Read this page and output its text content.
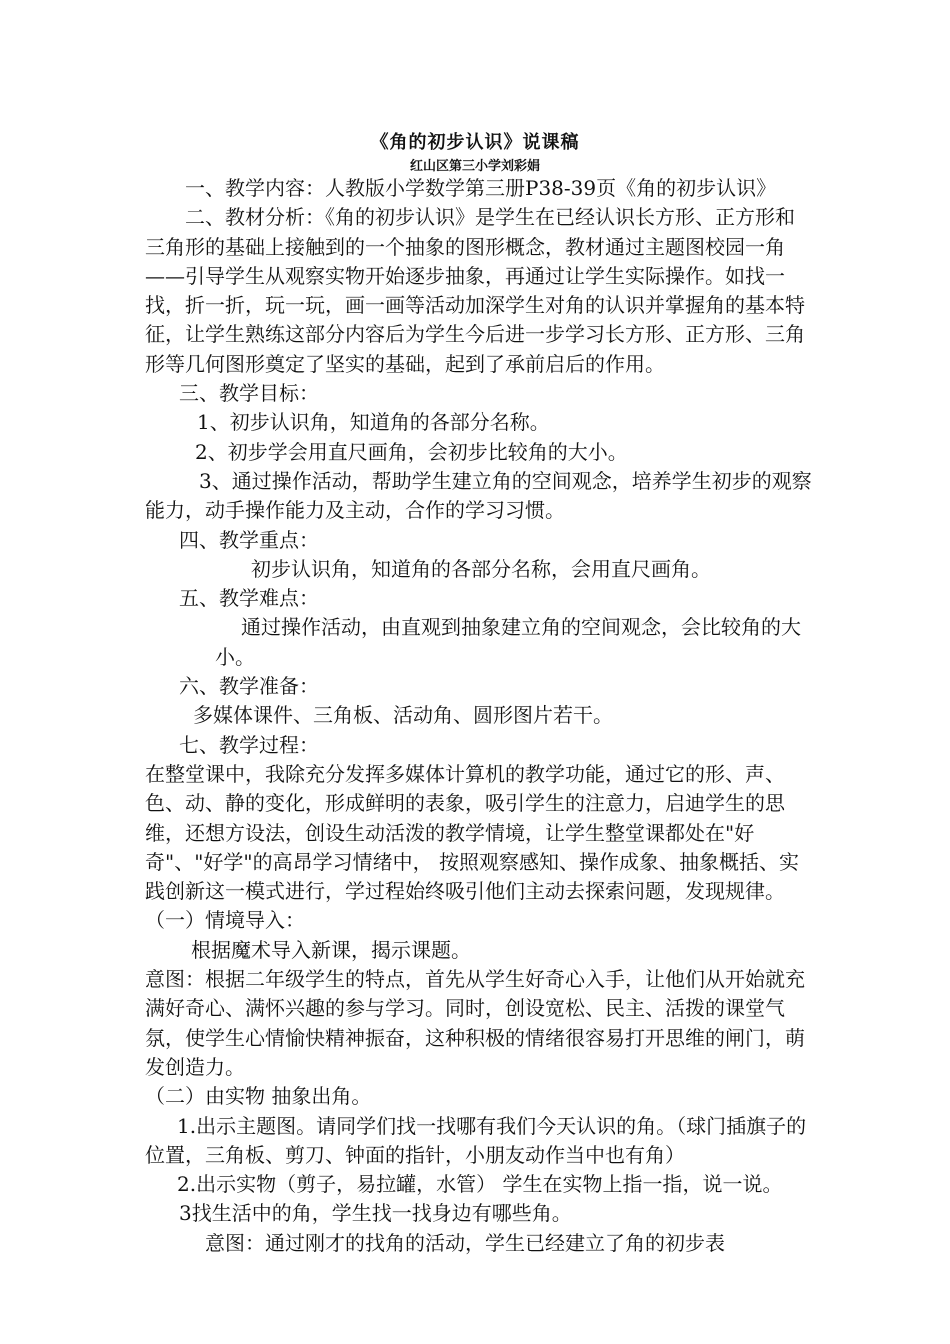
《角的初步认识》说课稿
红山区第三小学刘彩娟

一、教学内容：人教版小学数学第三册P38-39页《角的初步认识》

二、教材分析：《角的初步认识》是学生在已经认识长方形、正方形和三角形的基础上接触到的一个抽象的图形概念，教材通过主题图校园一角——引导学生从观察实物开始逐步抽象，再通过让学生实际操作。如找一找，折一折，玩一玩，画一画等活动加深学生对角的认识并掌握角的基本特征，让学生熟练这部分内容后为学生今后进一步学习长方形、正方形、三角形等几何图形奠定了坚实的基础，起到了承前启后的作用。

三、教学目标：

1、初步认识角，知道角的各部分名称。

2、初步学会用直尺画角，会初步比较角的大小。

3、通过操作活动，帮助学生建立角的空间观念，培养学生初步的观察能力，动手操作能力及主动，合作的学习习惯。

四、教学重点：

初步认识角，知道角的各部分名称，会用直尺画角。

五、教学难点：

通过操作活动，由直观到抽象建立角的空间观念，会比较角的大小。

六、教学准备：

多媒体课件、三角板、活动角、圆形图片若干。

七、教学过程：

在整堂课中，我除充分发挥多媒体计算机的教学功能，通过它的形、声、色、动、静的变化，形成鲜明的表象，吸引学生的注意力，启迪学生的思维，还想方设法，创设生动活泼的教学情境，让学生整堂课都处在"好奇"、"好学"的高昂学习情绪中， 按照观察感知、操作成象、抽象概括、实践创新这一模式进行，学过程始终吸引他们主动去探索问题，发现规律。

（一）情境导入：

根据魔术导入新课，揭示课题。

意图：根据二年级学生的特点，首先从学生好奇心入手，让他们从开始就充满好奇心、满怀兴趣的参与学习。同时，创设宽松、民主、活拨的课堂气氛，使学生心情愉快精神振奋，这种积极的情绪很容易打开思维的闸门，萌发创造力。

（二）由实物 抽象出角。

1.出示主题图。请同学们找一找哪有我们今天认识的角。（球门插旗子的位置，三角板、剪刀、钟面的指针，小朋友动作当中也有角）

2.出示实物（剪子，易拉罐，水管） 学生在实物上指一指，说一说。

3找生活中的角，学生找一找身边有哪些角。

意图：通过刚才的找角的活动，学生已经建立了角的初步表
